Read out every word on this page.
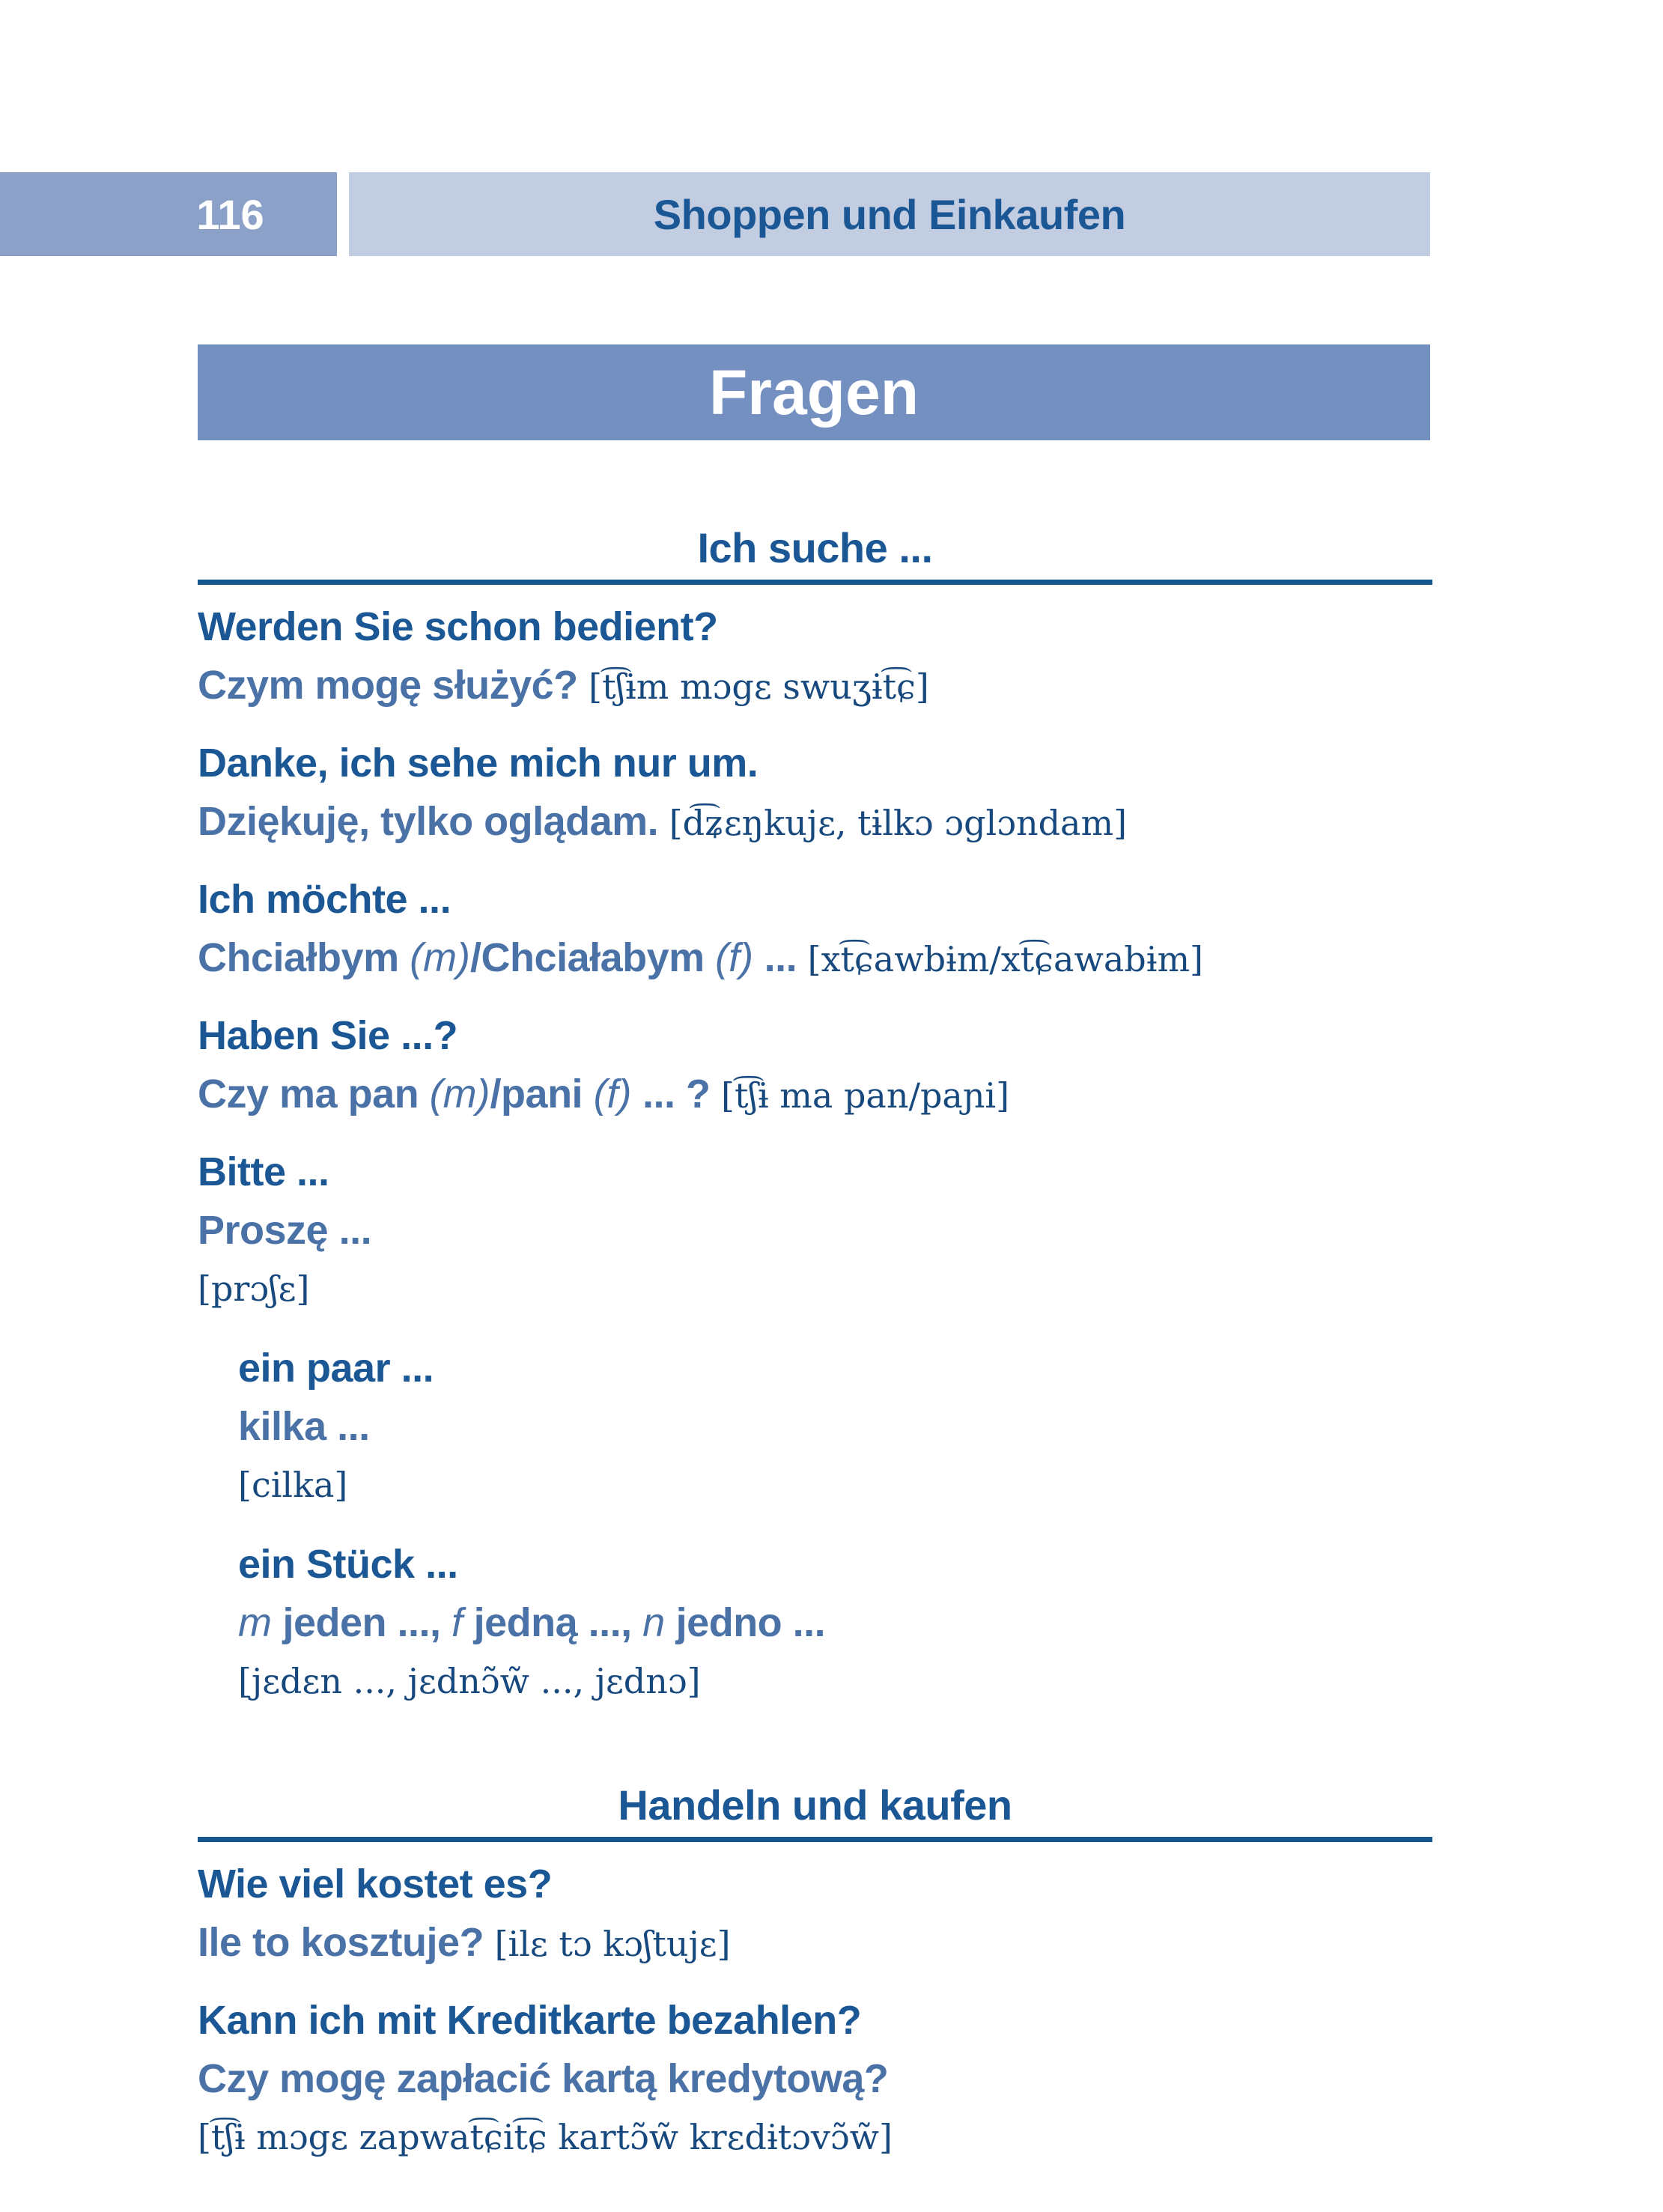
116	Shoppen und Einkaufen
Fragen
Ich suche ...

Werden Sie schon bedient?

Czym mogę służyć? [t͡ʃɨm mɔgɛ swuʒɨt͡ɕ]

Danke, ich sehe mich nur um.

Dziękuję, tylko oglądam. [d͡ʑɛŋkujɛ, tɨlkɔ ɔglɔndam]

Ich möchte ...

Chciałbym (m)/Chciałabym (f) ... [xt͡ɕawbɨm/xt͡ɕawabɨm]

Haben Sie ...?

Czy ma pan (m)/pani (f) ... ? [t͡ʃɨ ma pan/paɲi]

Bitte ...

Proszę ...

[prɔʃɛ]

ein paar ...

kilka ...

[cilka]

ein Stück ...

m jeden ..., f jedną ..., n jedno ...

[jɛdɛn ..., jɛdnɔ̃w̃ ..., jɛdnɔ]

Handeln und kaufen

Wie viel kostet es?

Ile to kosztuje? [ilɛ tɔ kɔʃtujɛ]

Kann ich mit Kreditkarte bezahlen?

Czy mogę zapłacić kartą kredytową?

[t͡ʃɨ mɔgɛ zapwat͡ɕit͡ɕ kartɔ̃w̃ krɛdɨtɔvɔ̃w̃]
